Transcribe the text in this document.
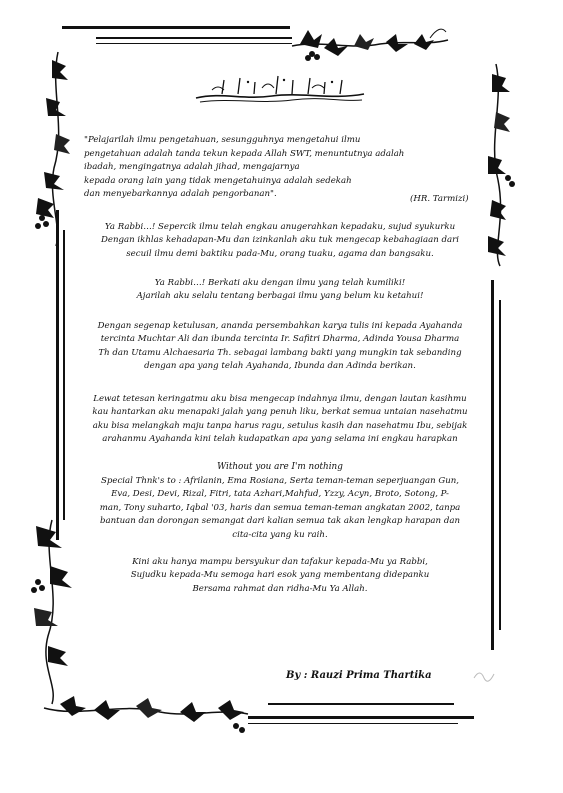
"Pelajarilah ilmu pengetahuan, sesungguhnya mengetahui ilmu
pengetahuan adalah tanda tekun kepada Allah SWT, menuntutnya adalah
ibadah, mengingatnya adalah jihad, mengajarnya
kepada orang lain yang tidak mengetahuinya adalah sedekah
dan menyebarkannya adalah pengorbanan".	(HR. Tarmizi)
Ya Rabbi…! Sepercik ilmu telah engkau anugerahkan kepadaku, sujud syukurku
Dengan ikhlas kehadapan-Mu dan izinkanlah aku tuk mengecap kebahagiaan dari
secuil ilmu demi baktiku pada-Mu, orang tuaku, agama dan bangsaku.
Ya Rabbi…! Berkati aku dengan ilmu yang telah kumiliki!
Ajarilah aku selalu tentang berbagai ilmu yang belum ku ketahui!
Dengan segenap ketulusan, ananda persembahkan karya tulis ini kepada Ayahanda
tercinta Muchtar Ali dan ibunda tercinta Ir. Safitri Dharma, Adinda Yousa Dharma
Th dan Utamu Alchaesaria Th. sebagai lambang bakti yang mungkin tak sebanding
dengan apa yang telah Ayahanda, Ibunda dan Adinda berikan.
Lewat tetesan keringatmu aku bisa mengecap indahnya ilmu, dengan lautan kasihmu
kau hantarkan aku menapaki jalah yang penuh liku, berkat semua untaian nasehatmu
aku bisa melangkah maju tanpa harus ragu, setulus kasih dan nasehatmu Ibu, sebijak
arahanmu Ayahanda kini telah kudapatkan apa yang selama ini engkau harapkan
Without you are I'm nothing
Special Thnk's to : Afrilanin, Ema Rosiana, Serta teman-teman seperjuangan Gun,
Eva, Desi, Devi, Rizal, Fitri, tata Azhari,Mahfud, Yzzy, Acyn, Broto, Sotong, P-
man, Tony suharto, Iqbal '03, haris dan semua teman-teman angkatan 2002, tanpa
bantuan dan dorongan semangat dari kalian semua tak akan lengkap harapan dan
cita-cita yang ku raih.
Kini aku hanya mampu bersyukur dan tafakur kepada-Mu ya Rabbi,
Sujudku kepada-Mu semoga hari esok yang membentang didepanku
Bersama rahmat dan ridha-Mu Ya Allah.
By : Rauzi Prima Thartika
